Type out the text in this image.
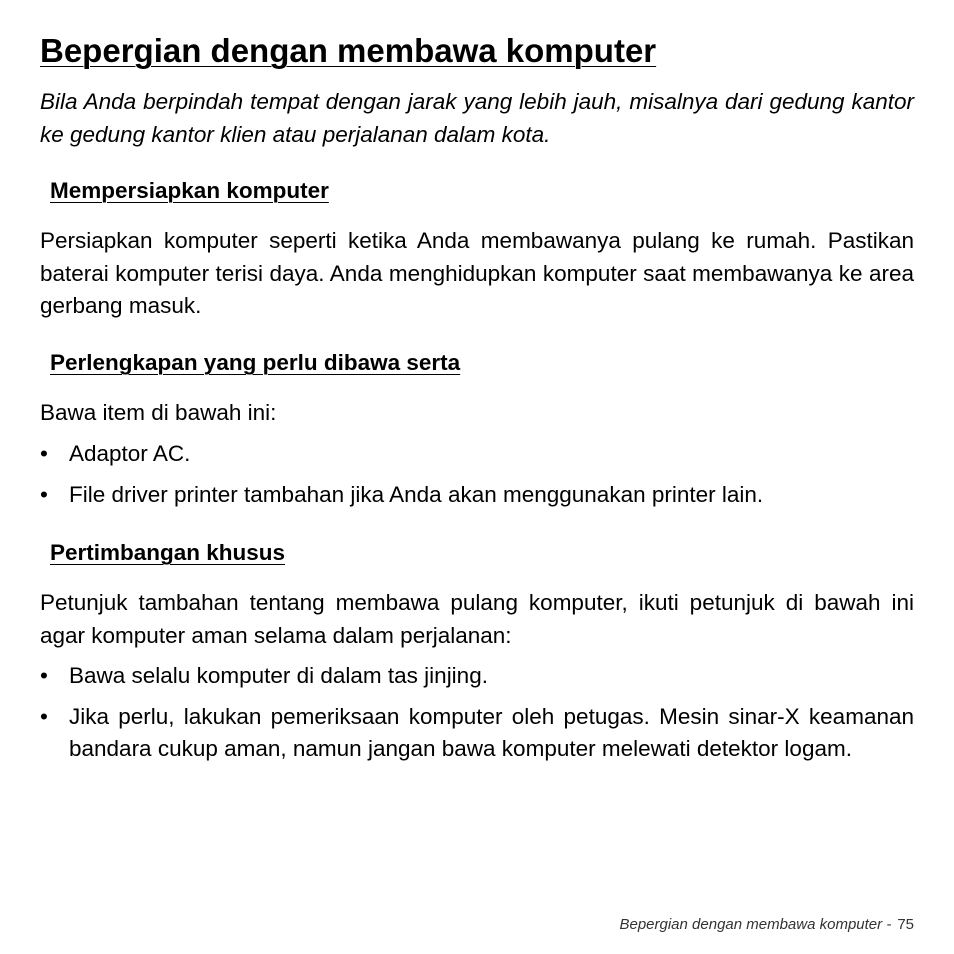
Bepergian dengan membawa komputer

Bila Anda berpindah tempat dengan jarak yang lebih jauh, misalnya dari gedung kantor ke gedung kantor klien atau perjalanan dalam kota.

Mempersiapkan komputer

Persiapkan komputer seperti ketika Anda membawanya pulang ke rumah. Pastikan baterai komputer terisi daya. Anda menghidupkan komputer saat membawanya ke area gerbang masuk.

Perlengkapan yang perlu dibawa serta

Bawa item di bawah ini:

• Adaptor AC.
• File driver printer tambahan jika Anda akan menggunakan printer lain.
Pertimbangan khusus

Petunjuk tambahan tentang membawa pulang komputer, ikuti petunjuk di bawah ini agar komputer aman selama dalam perjalanan:

• Bawa selalu komputer di dalam tas jinjing.
• Jika perlu, lakukan pemeriksaan komputer oleh petugas. Mesin sinar-X keamanan bandara cukup aman, namun jangan bawa komputer melewati detektor logam.
Bepergian dengan membawa komputer - 75
